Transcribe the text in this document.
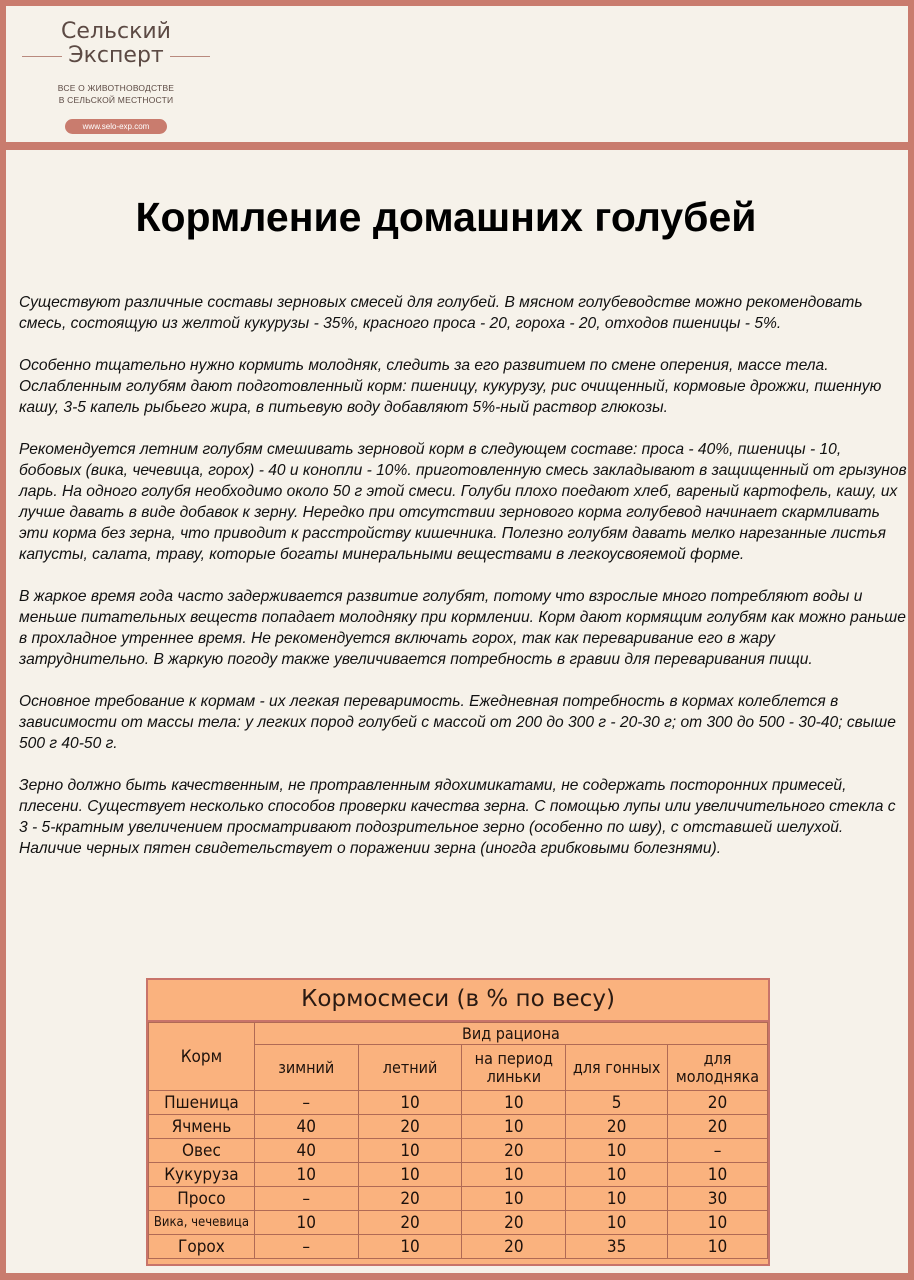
Сельский
Эксперт
ВСЕ О ЖИВОТНОВОДСТВЕ
В СЕЛЬСКОЙ МЕСТНОСТИ
www.selo-exp.com
Кормление домашних голубей

Существуют различные составы зерновых смесей для голубей. В мясном голубеводстве можно рекомендовать смесь, состоящую из желтой кукурузы - 35%, красного проса - 20, гороха - 20, отходов пшеницы - 5%.

Особенно тщательно нужно кормить молодняк, следить за его развитием по смене оперения, массе тела. Ослабленным голубям дают подготовленный корм: пшеницу, кукурузу, рис очищенный, кормовые дрожжи, пшенную кашу, 3-5 капель рыбьего жира, в питьевую воду добавляют 5%-ный раствор глюкозы.

Рекомендуется летним голубям смешивать зерновой корм в следующем составе: проса - 40%, пшеницы - 10, бобовых (вика, чечевица, горох) - 40 и конопли - 10%. приготовленную смесь закладывают в защищенный от грызунов ларь. На одного голубя необходимо около 50 г этой смеси. Голуби плохо поедают хлеб, вареный картофель, кашу, их лучше давать в виде добавок к зерну. Нередко при отсутствии зернового корма голубевод начинает скармливать эти корма без зерна, что приводит к расстройству кишечника. Полезно голубям давать мелко нарезанные листья капусты, салата, траву, которые богаты минеральными веществами в легкоусвояемой форме.

В жаркое время года часто задерживается развитие голубят, потому что взрослые много потребляют воды и меньше питательных веществ попадает молодняку при кормлении. Корм дают кормящим голубям как можно раньше в прохладное утреннее время. Не рекомендуется включать горох, так как переваривание его в жару затруднительно. В жаркую погоду также увеличивается потребность в гравии для переваривания пищи.

Основное требование к кормам - их легкая переваримость. Ежедневная потребность в кормах колеблется в зависимости от массы тела: у легких пород голубей с массой от 200 до 300 г - 20-30 г; от 300 до 500 - 30-40; свыше 500 г 40-50 г.

Зерно должно быть качественным, не протравленным ядохимикатами, не содержать посторонних примесей, плесени. Существует несколько способов проверки качества зерна. С помощью лупы или увеличительного стекла с 3 - 5-кратным увеличением просматривают подозрительное зерно (особенно по шву), с отставшей шелухой. Наличие черных пятен свидетельствует о поражении зерна (иногда грибковыми болезнями).

Кормосмеси (в % по весу)
Корм	Вид рациона				
	зимний	летний	на период линьки	для гонных	для молодняка
Пшеница	–	10	10	5	20
Ячмень	40	20	10	20	20
Овес	40	10	20	10	–
Кукуруза	10	10	10	10	10
Просо	–	20	10	10	30
Вика, чечевица	10	20	20	10	10
Горох	–	10	20	35	10
